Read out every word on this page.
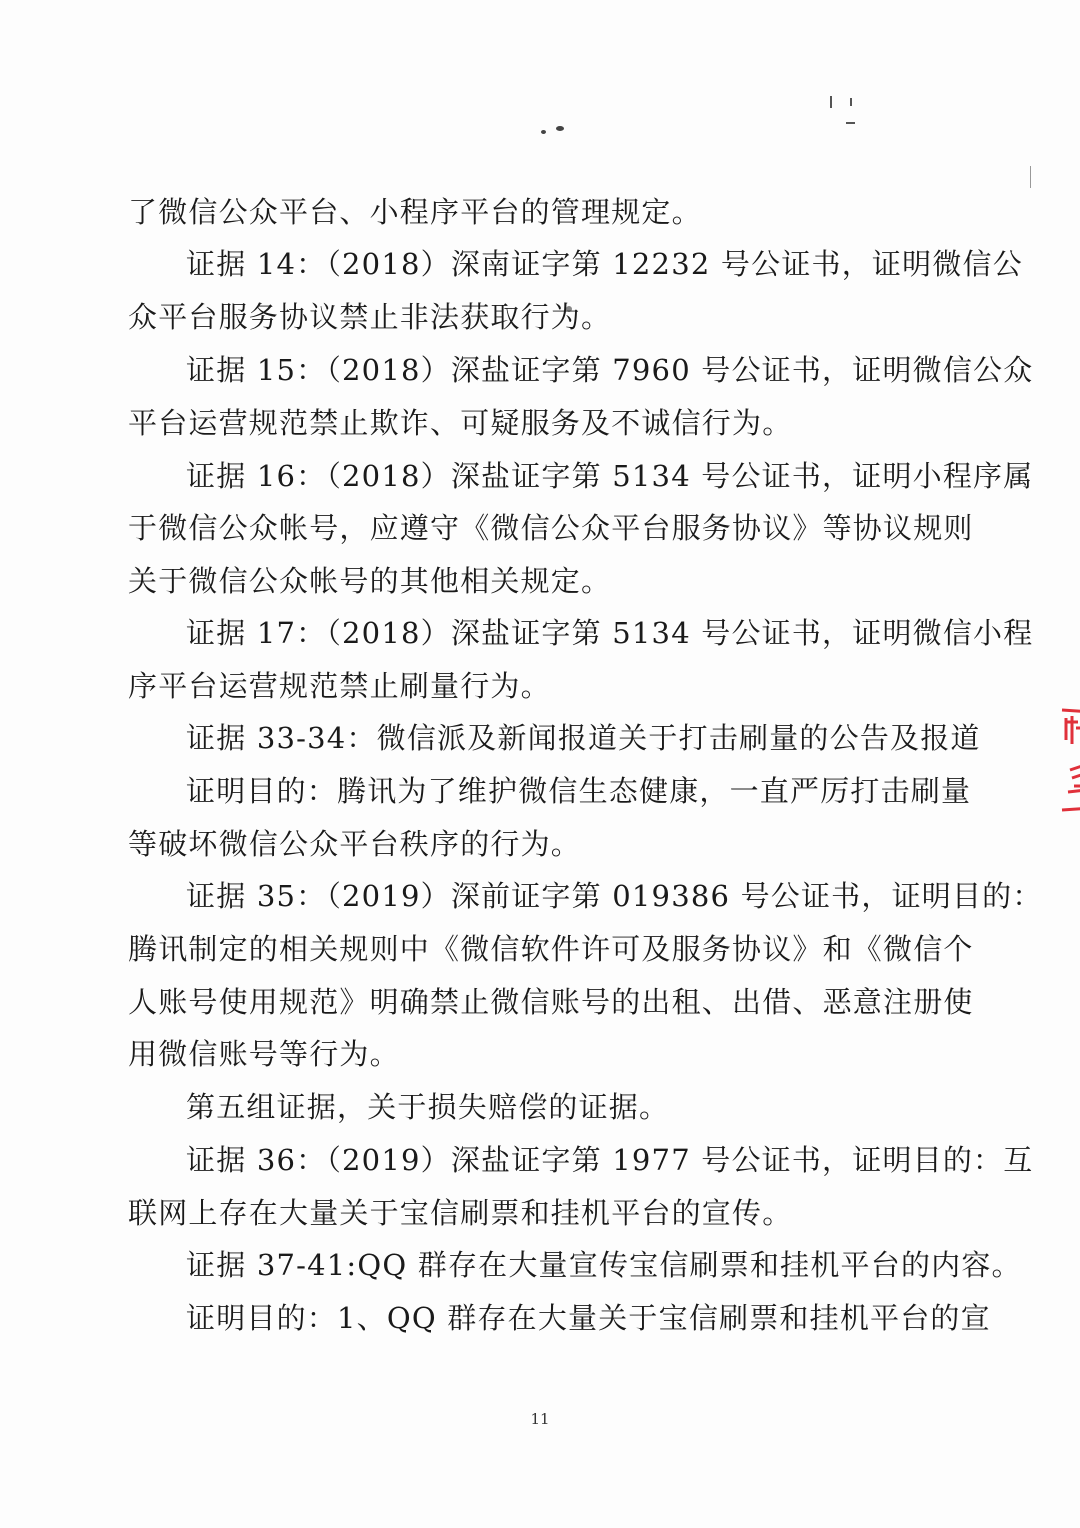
了微信公众平台、小程序平台的管理规定。
证据 14：（2018）深南证字第 12232 号公证书，证明微信公
众平台服务协议禁止非法获取行为。
证据 15：（2018）深盐证字第 7960 号公证书，证明微信公众
平台运营规范禁止欺诈、可疑服务及不诚信行为。
证据 16：（2018）深盐证字第 5134 号公证书，证明小程序属
于微信公众帐号，应遵守《微信公众平台服务协议》等协议规则
关于微信公众帐号的其他相关规定。
证据 17：（2018）深盐证字第 5134 号公证书，证明微信小程
序平台运营规范禁止刷量行为。
证据 33-34：微信派及新闻报道关于打击刷量的公告及报道
证明目的：腾讯为了维护微信生态健康，一直严厉打击刷量
等破坏微信公众平台秩序的行为。
证据 35：（2019）深前证字第 019386 号公证书，证明目的：
腾讯制定的相关规则中《微信软件许可及服务协议》和《微信个
人账号使用规范》明确禁止微信账号的出租、出借、恶意注册使
用微信账号等行为。
第五组证据，关于损失赔偿的证据。
证据 36：（2019）深盐证字第 1977 号公证书，证明目的：互
联网上存在大量关于宝信刷票和挂机平台的宣传。
证据 37-41:QQ 群存在大量宣传宝信刷票和挂机平台的内容。
证明目的：1、QQ 群存在大量关于宝信刷票和挂机平台的宣
11
